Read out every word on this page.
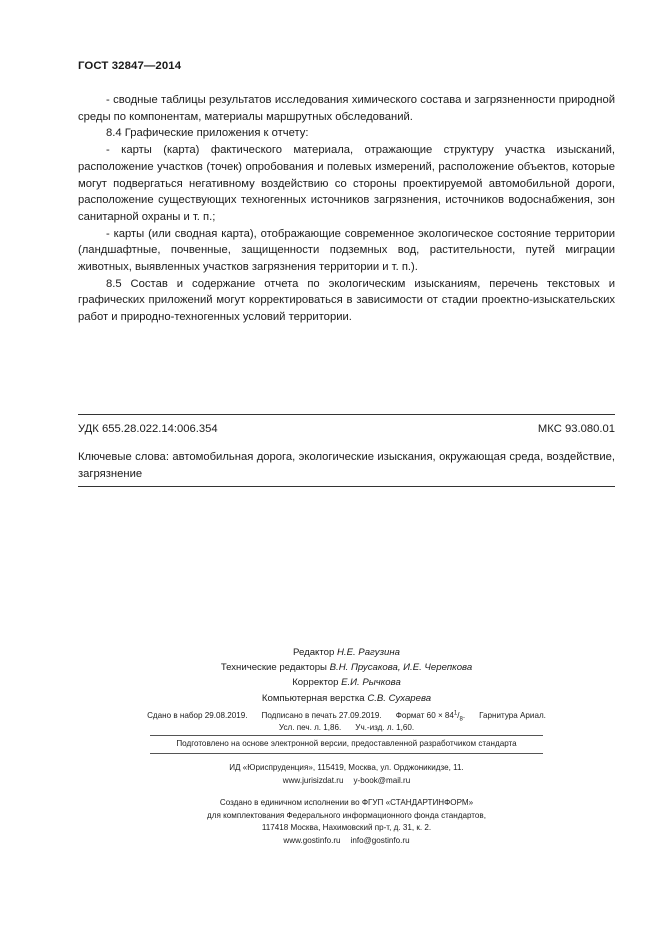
ГОСТ 32847—2014

- сводные таблицы результатов исследования химического состава и загрязненности природной среды по компонентам, материалы маршрутных обследований.

8.4 Графические приложения к отчету:

- карты (карта) фактического материала, отражающие структуру участка изысканий, расположение участков (точек) опробования и полевых измерений, расположение объектов, которые могут подвергаться негативному воздействию со стороны проектируемой автомобильной дороги, расположение существующих техногенных источников загрязнения, источников водоснабжения, зон санитарной охраны и т. п.;

- карты (или сводная карта), отображающие современное экологическое состояние территории (ландшафтные, почвенные, защищенности подземных вод, растительности, путей миграции животных, выявленных участков загрязнения территории и т. п.).

8.5 Состав и содержание отчета по экологическим изысканиям, перечень текстовых и графических приложений могут корректироваться в зависимости от стадии проектно-изыскательских работ и природно-техногенных условий территории.

УДК 655.28.022.14:006.354	МКС 93.080.01
Ключевые слова: автомобильная дорога, экологические изыскания, окружающая среда, воздействие, загрязнение
Редактор Н.Е. Рагузина
Технические редакторы В.Н. Прусакова, И.Е. Черепкова
Корректор Е.И. Рычкова
Компьютерная верстка С.В. Сухарева
Сдано в набор 29.08.2019. Подписано в печать 27.09.2019. Формат $60 \times 84^1/_8$. Гарнитура Ариал.
Усл. печ. л. 1,86. Уч.-изд. л. 1,60.
Подготовлено на основе электронной версии, предоставленной разработчиком стандарта
ИД «Юриспруденция», 115419, Москва, ул. Орджоникидзе, 11.
www.jurisizdat.ru y-book@mail.ru
Создано в единичном исполнении во ФГУП «СТАНДАРТИНФОРМ»
для комплектования Федерального информационного фонда стандартов,
117418 Москва, Нахимовский пр-т, д. 31, к. 2.
www.gostinfo.ru info@gostinfo.ru
